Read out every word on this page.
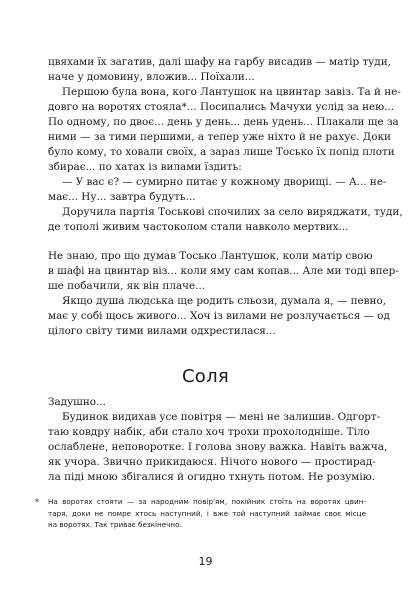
цвяхами їх загатив, далі шафу на гарбу висадив — матір туди,
наче у домовину, вложив... Поїхали...
Першою була вона, кого Лантушок на цвинтар завіз. Та й не-
довго на воротях стояла*... Посипались Мачухи услід за нею...
По одному, по двоє... день у день... день удень... Плакали ще за
ними — за тими першими, а тепер уже ніхто й не рахує. Доки
було кому, то ховали своїх, а зараз лише Тосько їх попід плоти
збирає... по хатах із вилами їздить:
— У вас є? — сумирно питає у кожному дворищі. — А... не-
має... Ну... завтра будуть...
Доручила партія Тоськові спочилих за село виряджати, туди,
де тополі живим частоколом стали навколо мертвих...
Не знаю, про що думав Тосько Лантушок, коли матір свою
в шафі на цвинтар віз... коли яму сам копав... Але ми тоді впер-
ше побачили, як він плаче...
Якщо душа людська ще родить сльози, думала я, — певно,
має у собі щось живого... Хоч із вилами не розлучається — од
цілого світу тими вилами одхрестилася...
Соля
Задушно...
Будинок видихав усе повітря — мені не залишив. Одгорт-
таю ковдру набік, аби стало хоч трохи прохолодніше. Тіло
ослаблене, неповоротке. І голова знову важка. Навіть важча,
як учора. Звично прикидаюся. Нічого нового — простирад-
ла піді мною збігалися й огидно тхнуть потом. Не розумію.
* На воротях стояти — за народним повір'ям, покійник стоїть на воротях цвин-
таря, доки не помре хтось наступний, і вже той наступний займає своє місце
на воротях. Так триває безкінечно.
19
